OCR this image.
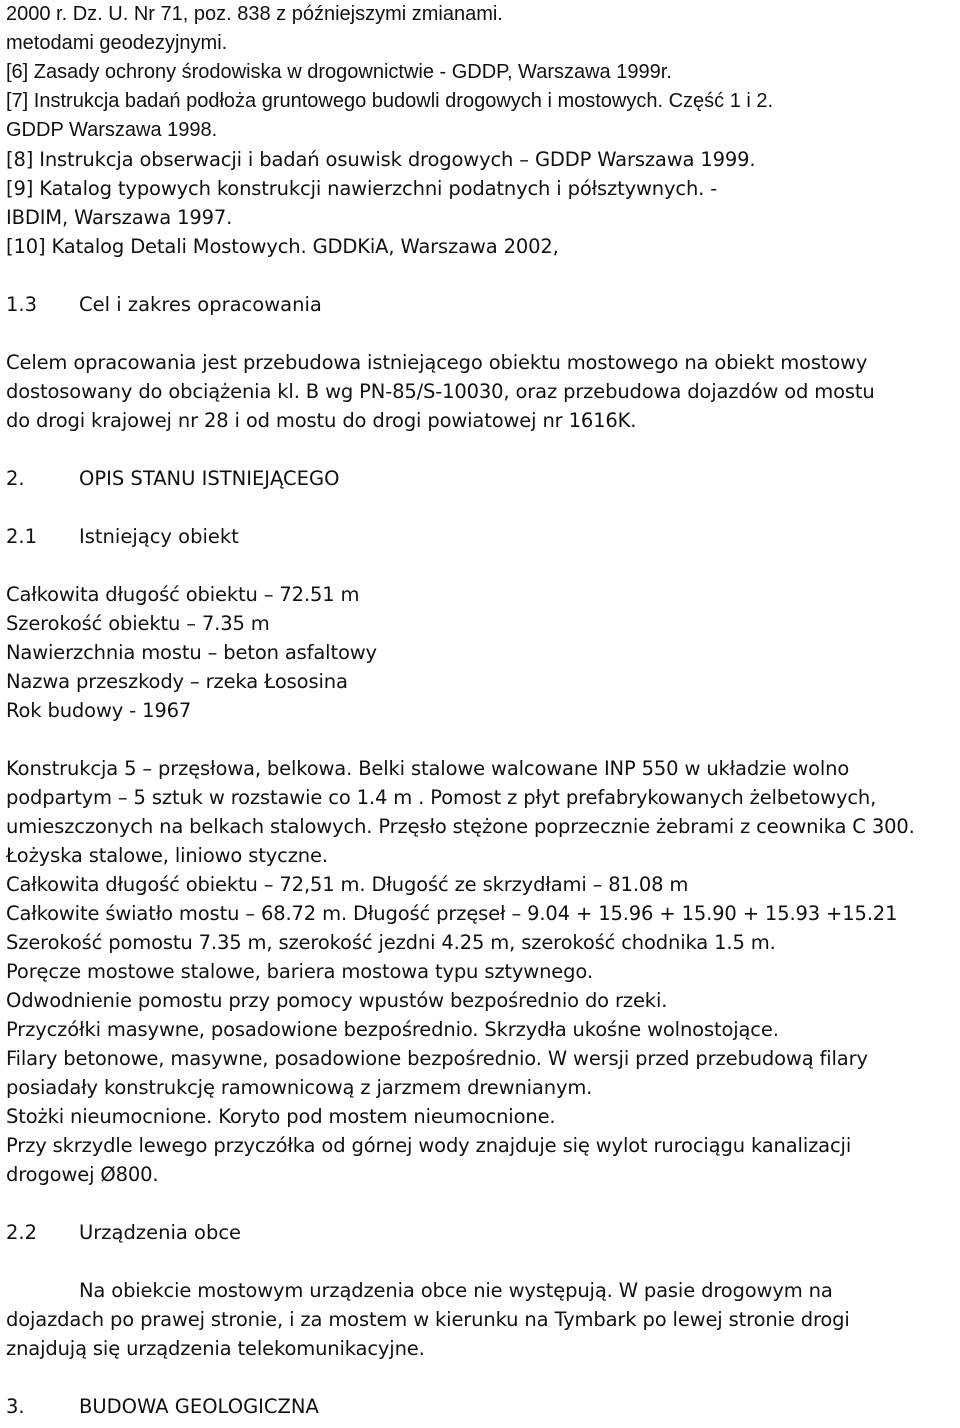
2000 r. Dz. U. Nr 71, poz. 838 z późniejszymi zmianami.
metodami geodezyjnymi.
[6] Zasady ochrony środowiska w drogownictwie - GDDP, Warszawa 1999r.
[7] Instrukcja badań podłoża gruntowego budowli drogowych i mostowych. Część 1 i 2.
GDDP Warszawa 1998.
[8] Instrukcja obserwacji i badań osuwisk drogowych – GDDP Warszawa 1999.
[9] Katalog typowych konstrukcji nawierzchni podatnych i półsztywnych. -
IBDIM, Warszawa 1997.
[10] Katalog Detali Mostowych. GDDKiA, Warszawa 2002,
1.3 Cel i zakres opracowania
Celem opracowania jest przebudowa istniejącego obiektu mostowego na obiekt mostowy
dostosowany do obciążenia kl. B wg PN-85/S-10030, oraz przebudowa dojazdów od mostu
do drogi krajowej nr 28 i od mostu do drogi powiatowej nr 1616K.
2.	OPIS STANU ISTNIEJĄCEGO
2.1 Istniejący obiekt
Całkowita długość obiektu – 72.51 m
Szerokość obiektu – 7.35 m
Nawierzchnia mostu – beton asfaltowy
Nazwa przeszkody – rzeka Łososina
Rok budowy - 1967
Konstrukcja 5 – przęsłowa, belkowa. Belki stalowe walcowane INP 550 w układzie wolno
podpartym – 5 sztuk w rozstawie co 1.4 m . Pomost z płyt prefabrykowanych żelbetowych,
umieszczonych na belkach stalowych. Przęsło stężone poprzecznie żebrami z ceownika C 300.
Łożyska stalowe, liniowo styczne.
Całkowita długość obiektu – 72,51 m. Długość ze skrzydłami – 81.08 m
Całkowite światło mostu – 68.72 m. Długość przęseł – 9.04 + 15.96 + 15.90 + 15.93 +15.21
Szerokość pomostu 7.35 m, szerokość jezdni 4.25 m, szerokość chodnika 1.5 m.
Poręcze mostowe stalowe, bariera mostowa typu sztywnego.
Odwodnienie pomostu przy pomocy wpustów bezpośrednio do rzeki.
Przyczółki masywne, posadowione bezpośrednio. Skrzydła ukośne wolnostojące.
Filary betonowe, masywne, posadowione bezpośrednio. W wersji przed przebudową filary
posiadały konstrukcję ramownicową z jarzmem drewnianym.
Stożki nieumocnione. Koryto pod mostem nieumocnione.
Przy skrzydle lewego przyczółka od górnej wody znajduje się wylot rurociągu kanalizacji
drogowej Ø800.
2.2 Urządzenia obce
Na obiekcie mostowym urządzenia obce nie występują. W pasie drogowym na
dojazdach po prawej stronie, i za mostem w kierunku na Tymbark po lewej stronie drogi
znajdują się urządzenia telekomunikacyjne.
3.	BUDOWA GEOLOGICZNA
